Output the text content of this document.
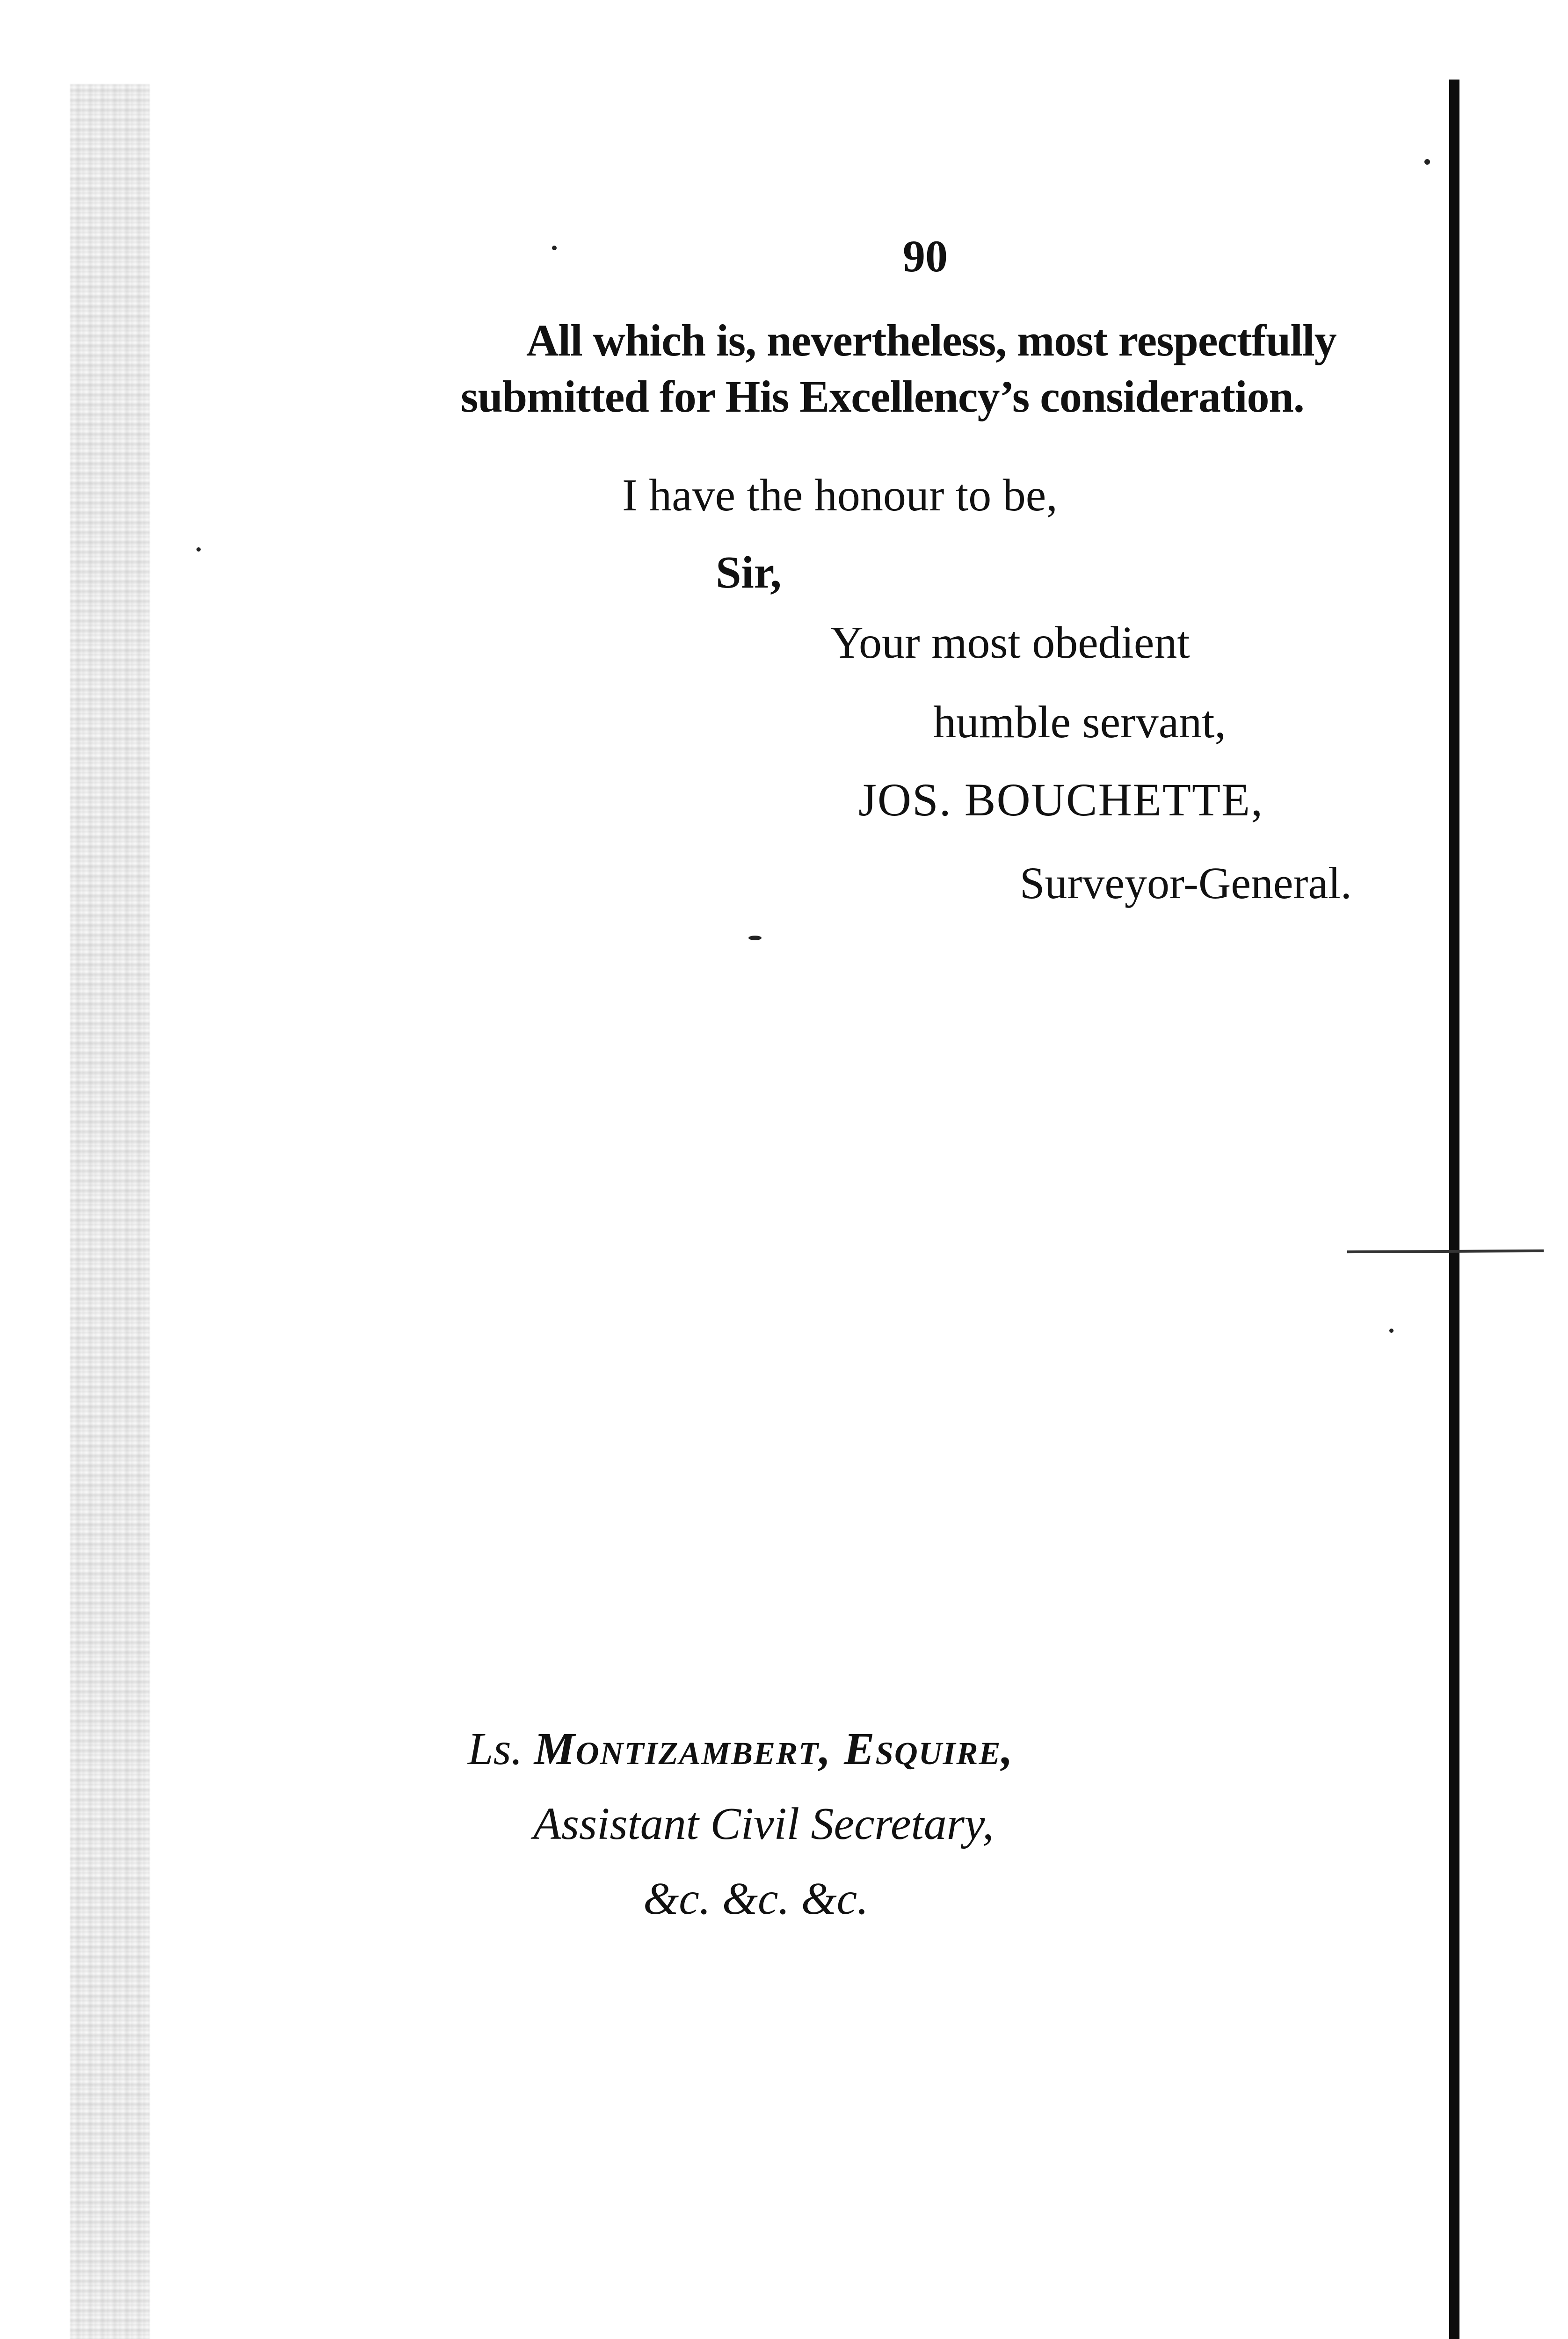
90
All which is, nevertheless, most respectfully
submitted for His Excellency’s consideration.
I have the honour to be,
Sir,
Your most obedient
humble servant,
JOS. BOUCHETTE,
Surveyor-General.
Ls. Montizambert, Esquire,
Assistant Civil Secretary,
&c. &c. &c.
